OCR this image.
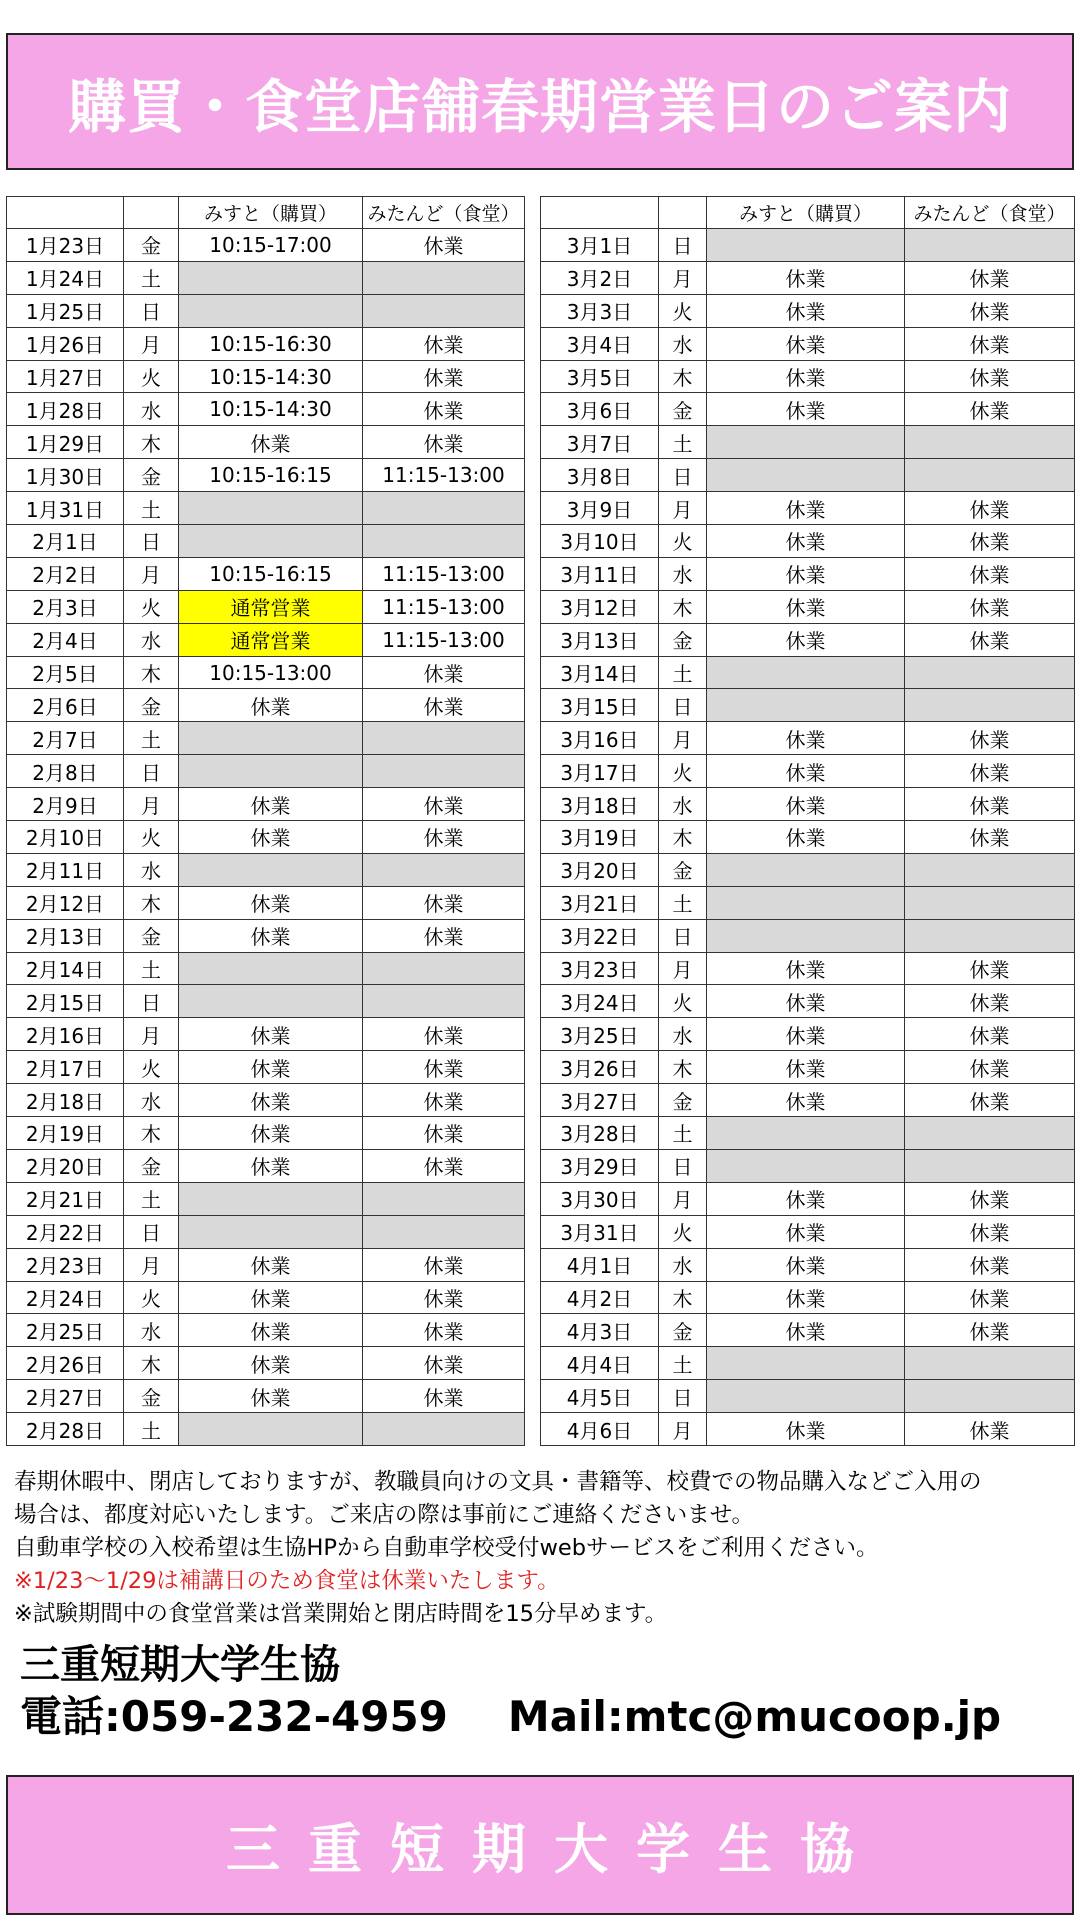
購買・食堂店舗春期営業日のご案内
		みすと（購買）	みたんど（食堂）
1月23日	金	10:15-17:00	休業
1月24日	土		
1月25日	日		
1月26日	月	10:15-16:30	休業
1月27日	火	10:15-14:30	休業
1月28日	水	10:15-14:30	休業
1月29日	木	休業	休業
1月30日	金	10:15-16:15	11:15-13:00
1月31日	土		
2月1日	日		
2月2日	月	10:15-16:15	11:15-13:00
2月3日	火	通常営業	11:15-13:00
2月4日	水	通常営業	11:15-13:00
2月5日	木	10:15-13:00	休業
2月6日	金	休業	休業
2月7日	土		
2月8日	日		
2月9日	月	休業	休業
2月10日	火	休業	休業
2月11日	水		
2月12日	木	休業	休業
2月13日	金	休業	休業
2月14日	土		
2月15日	日		
2月16日	月	休業	休業
2月17日	火	休業	休業
2月18日	水	休業	休業
2月19日	木	休業	休業
2月20日	金	休業	休業
2月21日	土		
2月22日	日		
2月23日	月	休業	休業
2月24日	火	休業	休業
2月25日	水	休業	休業
2月26日	木	休業	休業
2月27日	金	休業	休業
2月28日	土		
		みすと（購買）	みたんど（食堂）
3月1日	日		
3月2日	月	休業	休業
3月3日	火	休業	休業
3月4日	水	休業	休業
3月5日	木	休業	休業
3月6日	金	休業	休業
3月7日	土		
3月8日	日		
3月9日	月	休業	休業
3月10日	火	休業	休業
3月11日	水	休業	休業
3月12日	木	休業	休業
3月13日	金	休業	休業
3月14日	土		
3月15日	日		
3月16日	月	休業	休業
3月17日	火	休業	休業
3月18日	水	休業	休業
3月19日	木	休業	休業
3月20日	金		
3月21日	土		
3月22日	日		
3月23日	月	休業	休業
3月24日	火	休業	休業
3月25日	水	休業	休業
3月26日	木	休業	休業
3月27日	金	休業	休業
3月28日	土		
3月29日	日		
3月30日	月	休業	休業
3月31日	火	休業	休業
4月1日	水	休業	休業
4月2日	木	休業	休業
4月3日	金	休業	休業
4月4日	土		
4月5日	日		
4月6日	月	休業	休業

春期休暇中、閉店しておりますが、教職員向けの文具・書籍等、校費での物品購入などご入用の

場合は、都度対応いたします。ご来店の際は事前にご連絡くださいませ。

自動車学校の入校希望は生協HPから自動車学校受付webサービスをご利用ください。

※1/23～1/29は補講日のため食堂は休業いたします。

※試験期間中の食堂営業は営業開始と閉店時間を15分早めます。

三重短期大学生協
電話:059-232-4959 Mail:mtc@mucoop.jp
三重短期大学生協
